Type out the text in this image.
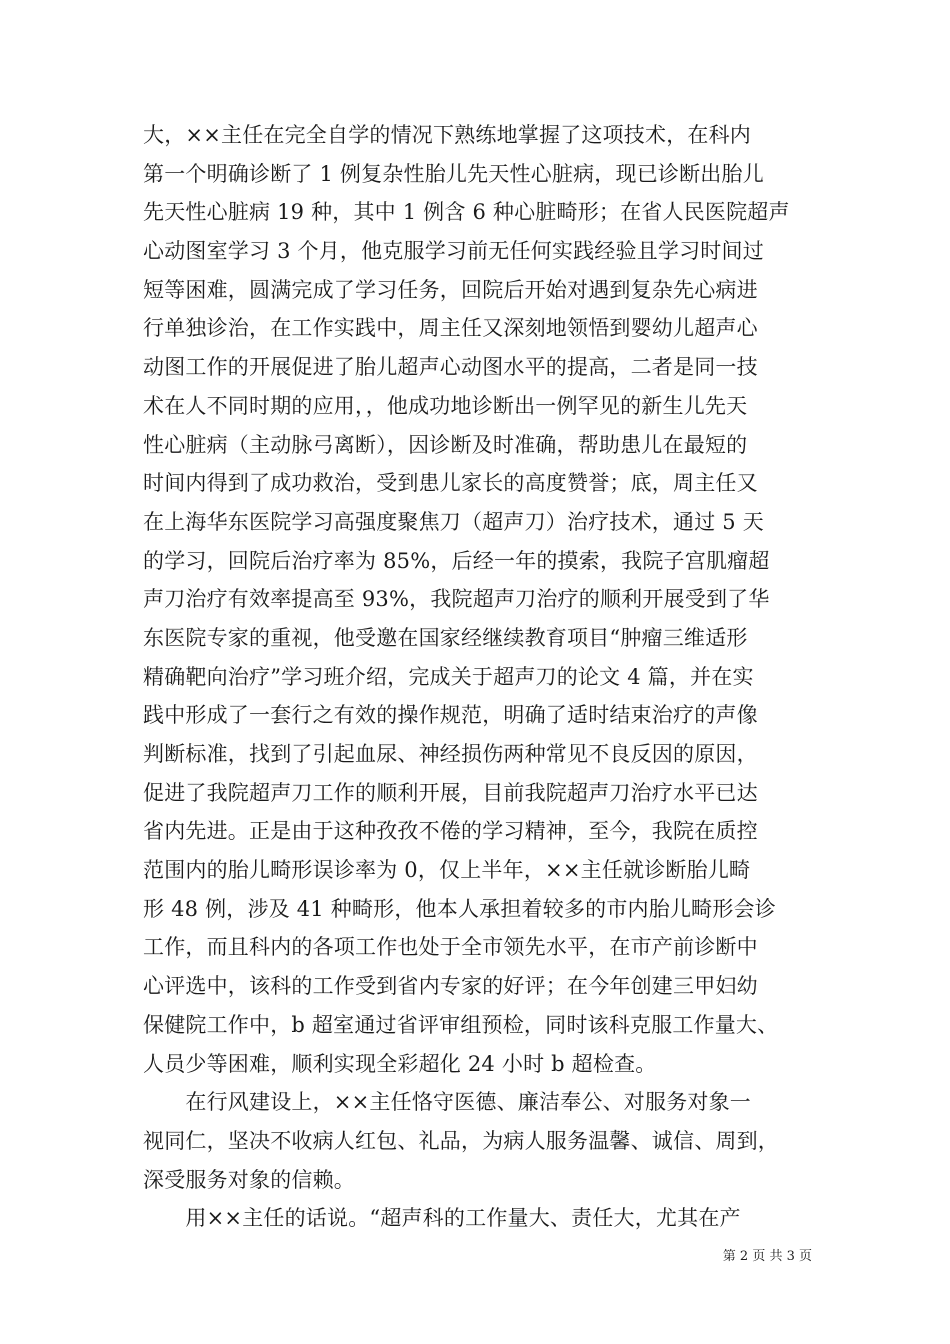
大，××主任在完全自学的情况下熟练地掌握了这项技术，在科内
第一个明确诊断了 1 例复杂性胎儿先天性心脏病，现已诊断出胎儿
先天性心脏病 19 种，其中 1 例含 6 种心脏畸形；在省人民医院超声
心动图室学习 3 个月，他克服学习前无任何实践经验且学习时间过
短等困难，圆满完成了学习任务，回院后开始对遇到复杂先心病进
行单独诊治，在工作实践中，周主任又深刻地领悟到婴幼儿超声心
动图工作的开展促进了胎儿超声心动图水平的提高，二者是同一技
术在人不同时期的应用，，他成功地诊断出一例罕见的新生儿先天
性心脏病（主动脉弓离断），因诊断及时准确，帮助患儿在最短的
时间内得到了成功救治，受到患儿家长的高度赞誉；底，周主任又
在上海华东医院学习高强度聚焦刀（超声刀）治疗技术，通过 5 天
的学习，回院后治疗率为 85%，后经一年的摸索，我院子宫肌瘤超
声刀治疗有效率提高至 93%，我院超声刀治疗的顺利开展受到了华
东医院专家的重视，他受邀在国家经继续教育项目“肿瘤三维适形
精确靶向治疗”学习班介绍，完成关于超声刀的论文 4 篇，并在实
践中形成了一套行之有效的操作规范，明确了适时结束治疗的声像
判断标准，找到了引起血尿、神经损伤两种常见不良反因的原因，
促进了我院超声刀工作的顺利开展，目前我院超声刀治疗水平已达
省内先进。正是由于这种孜孜不倦的学习精神，至今，我院在质控
范围内的胎儿畸形误诊率为 0，仅上半年，××主任就诊断胎儿畸
形 48 例，涉及 41 种畸形，他本人承担着较多的市内胎儿畸形会诊
工作，而且科内的各项工作也处于全市领先水平，在市产前诊断中
心评选中，该科的工作受到省内专家的好评；在今年创建三甲妇幼
保健院工作中，b 超室通过省评审组预检，同时该科克服工作量大、
人员少等困难，顺利实现全彩超化 24 小时 b 超检查。
　　在行风建设上，××主任恪守医德、廉洁奉公、对服务对象一
视同仁，坚决不收病人红包、礼品，为病人服务温馨、诚信、周到，
深受服务对象的信赖。
　　用××主任的话说。“超声科的工作量大、责任大，尤其在产
第 2 页 共 3 页
